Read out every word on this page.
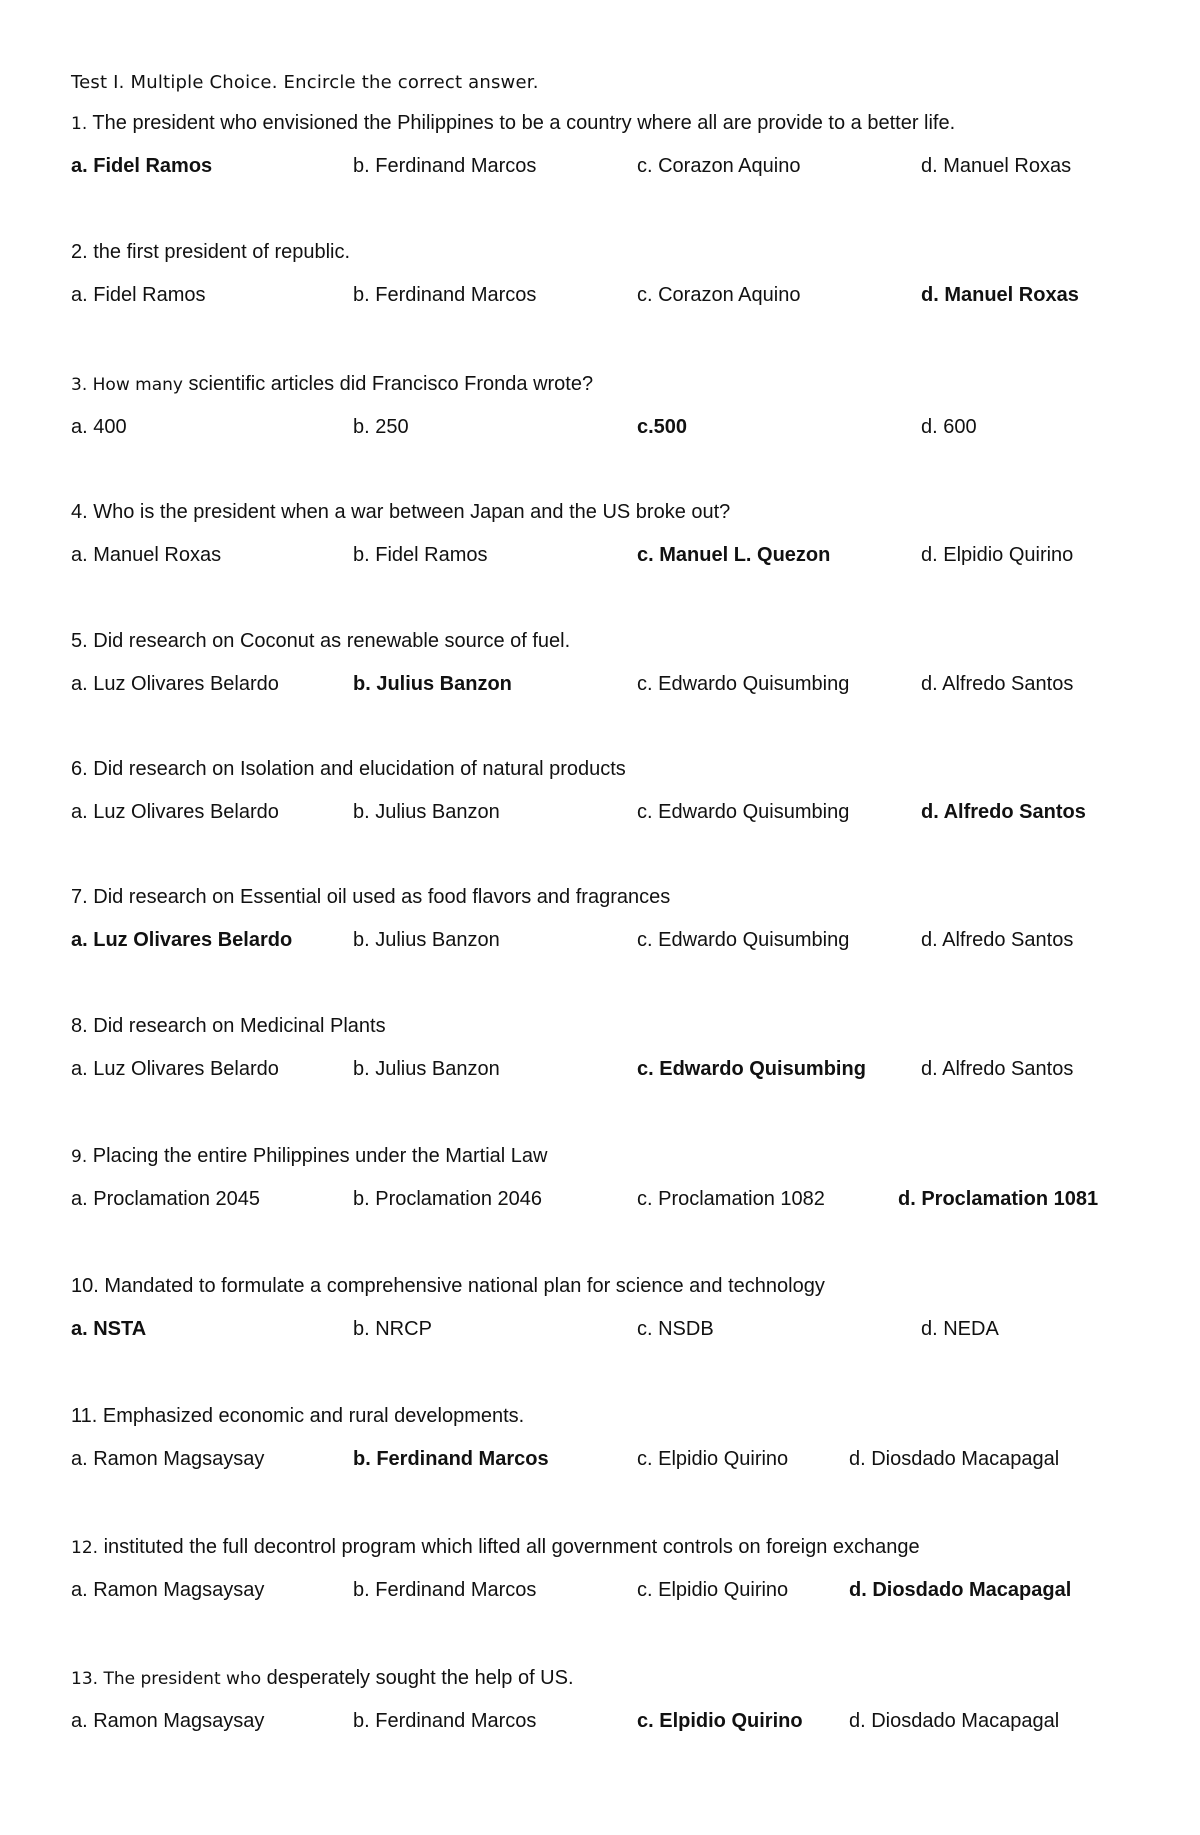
Test I. Multiple Choice. Encircle the correct answer.
1. The president who envisioned the Philippines to be a country where all are provide to a better life.
a. Fidel Ramos	b. Ferdinand Marcos	c. Corazon Aquino	d. Manuel Roxas
2. the first president of republic.
a. Fidel Ramos	b. Ferdinand Marcos	c. Corazon Aquino	d. Manuel Roxas
3. How many scientific articles did Francisco Fronda wrote?
a. 400	b. 250	c.500	d. 600
4. Who is the president when a war between Japan and the US broke out?
a. Manuel Roxas	b. Fidel Ramos	c. Manuel L. Quezon	d. Elpidio Quirino
5. Did research on Coconut as renewable source of fuel.
a. Luz Olivares Belardo	b. Julius Banzon	c. Edwardo Quisumbing	d. Alfredo Santos
6. Did research on Isolation and elucidation of natural products
a. Luz Olivares Belardo	b. Julius Banzon	c. Edwardo Quisumbing	d. Alfredo Santos
7. Did research on Essential oil used as food flavors and fragrances
a. Luz Olivares Belardo	b. Julius Banzon	c. Edwardo Quisumbing	d. Alfredo Santos
8. Did research on Medicinal Plants
a. Luz Olivares Belardo	b. Julius Banzon	c. Edwardo Quisumbing	d. Alfredo Santos
9. Placing the entire Philippines under the Martial Law
a. Proclamation 2045	b. Proclamation 2046	c. Proclamation 1082	d. Proclamation 1081
10. Mandated to formulate a comprehensive national plan for science and technology
a. NSTA	b. NRCP	c. NSDB	d. NEDA
11. Emphasized economic and rural developments.
a. Ramon Magsaysay	b. Ferdinand Marcos	c. Elpidio Quirino	d. Diosdado Macapagal
12. instituted the full decontrol program which lifted all government controls on foreign exchange
a. Ramon Magsaysay	b. Ferdinand Marcos	c. Elpidio Quirino	d. Diosdado Macapagal
13. The president who desperately sought the help of US.
a. Ramon Magsaysay	b. Ferdinand Marcos	c. Elpidio Quirino d. Diosdado Macapagal
